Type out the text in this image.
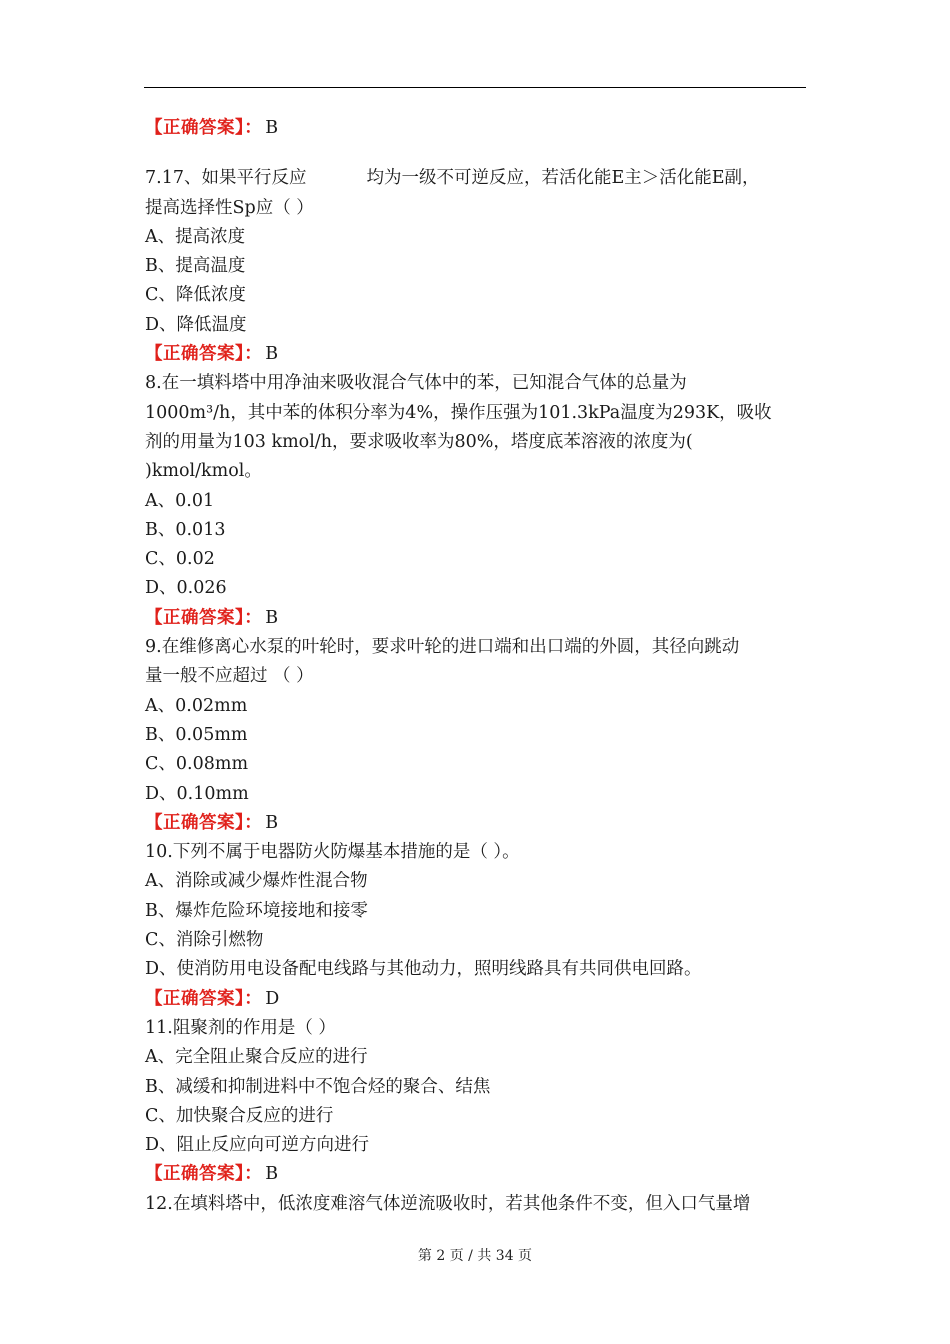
【正确答案】： B
7.17、如果平行反应	均为一级不可逆反应，若活化能E主＞活化能E副，
提高选择性Sp应（ ）
A、提高浓度
B、提高温度
C、降低浓度
D、降低温度
【正确答案】： B
8.在一填料塔中用净油来吸收混合气体中的苯，已知混合气体的总量为
1000m³/h，其中苯的体积分率为4%，操作压强为101.3kPa温度为293K，吸收
剂的用量为103 kmol/h，要求吸收率为80%，塔度底苯溶液的浓度为(
)kmol/kmol。
A、0.01
B、0.013
C、0.02
D、0.026
【正确答案】： B
9.在维修离心水泵的叶轮时，要求叶轮的进口端和出口端的外圆，其径向跳动
量一般不应超过 （ ）
A、0.02mm
B、0.05mm
C、0.08mm
D、0.10mm
【正确答案】： B
10.下列不属于电器防火防爆基本措施的是（ ）。
A、消除或减少爆炸性混合物
B、爆炸危险环境接地和接零
C、消除引燃物
D、使消防用电设备配电线路与其他动力，照明线路具有共同供电回路。
【正确答案】： D
11.阻聚剂的作用是（ ）
A、完全阻止聚合反应的进行
B、减缓和抑制进料中不饱合烃的聚合、结焦
C、加快聚合反应的进行
D、阻止反应向可逆方向进行
【正确答案】： B
12.在填料塔中，低浓度难溶气体逆流吸收时，若其他条件不变，但入口气量增
第 2 页 / 共 34 页
